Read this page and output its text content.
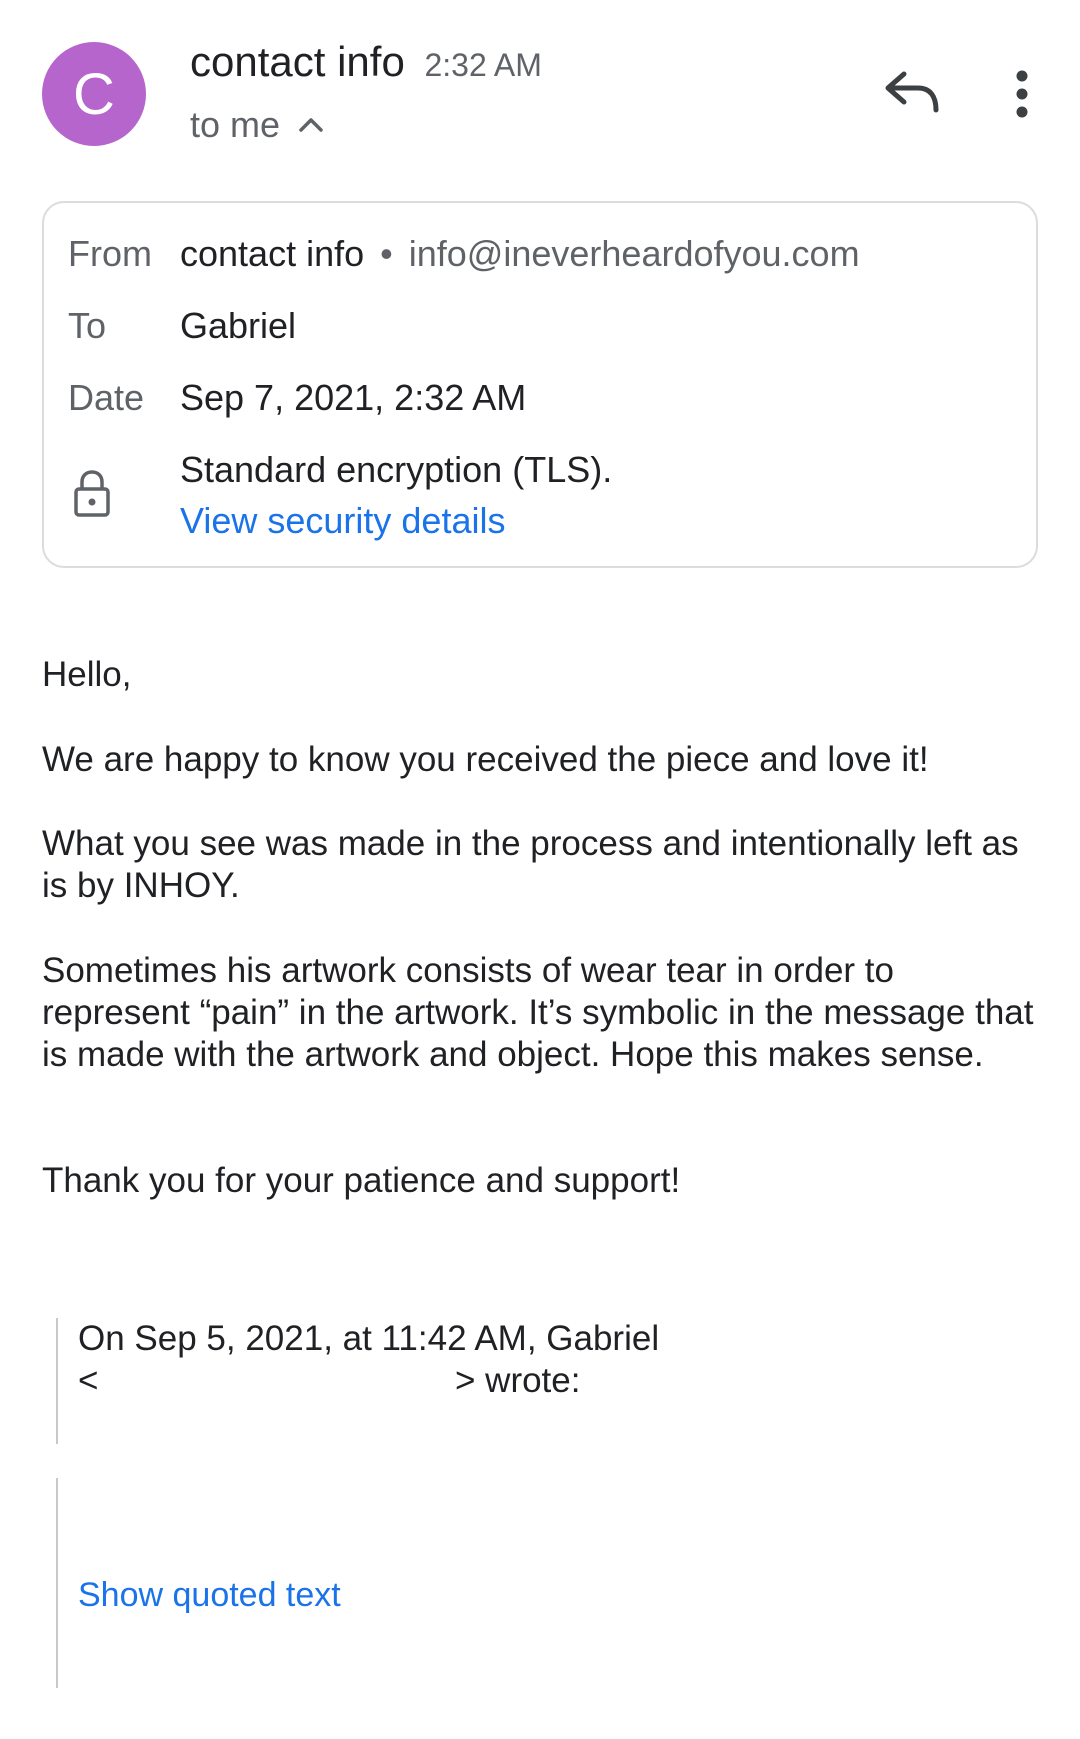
C contact info 2:32 AM
to me
From contact info • info@ineverheardofyou.com
To Gabriel
Date Sep 7, 2021, 2:32 AM
Standard encryption (TLS).
View security details
Hello,
We are happy to know you received the piece and love it!
What you see was made in the process and intentionally left as is by INHOY.
Sometimes his artwork consists of wear tear in order to represent “pain” in the artwork. It’s symbolic in the message that is made with the artwork and object. Hope this makes sense.
Thank you for your patience and support!
On Sep 5, 2021, at 11:42 AM, Gabriel
<	> wrote:
Show quoted text
